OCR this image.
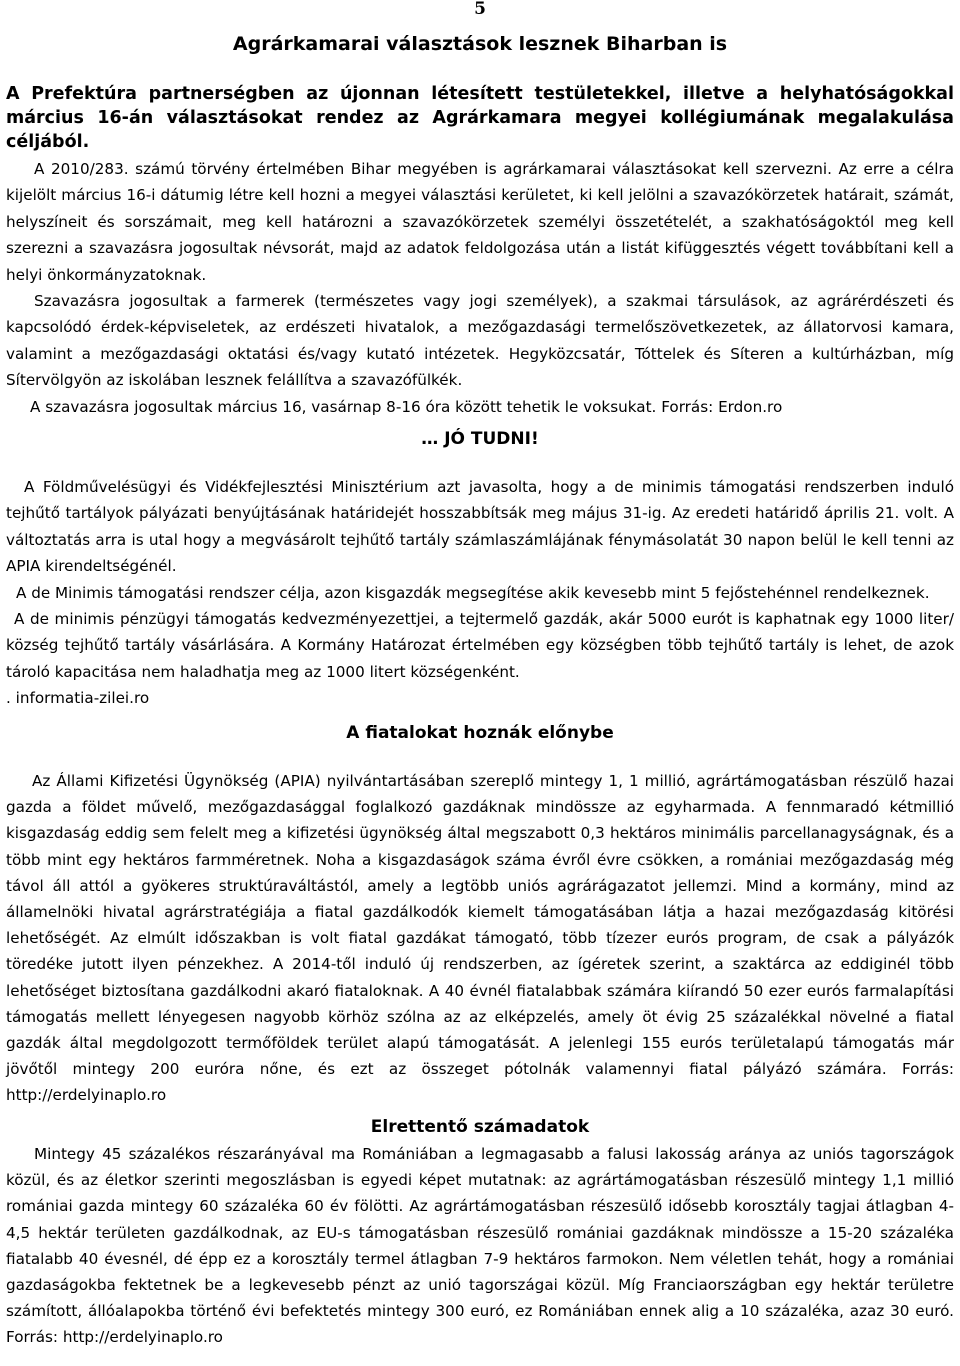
5
Agrárkamarai választások lesznek Biharban is
A Prefektúra partnerségben az újonnan létesített testületekkel, illetve a helyhatóságokkal március 16-án választásokat rendez az Agrárkamara megyei kollégiumának megalakulása céljából.
A 2010/283. számú törvény értelmében Bihar megyében is agrárkamarai választásokat kell szervezni. Az erre a célra kijelölt március 16-i dátumig létre kell hozni a megyei választási kerületet, ki kell jelölni a szavazókörzetek határait, számát, helyszíneit és sorszámait, meg kell határozni a szavazókörzetek személyi összetételét, a szakhatóságoktól meg kell szerezni a szavazásra jogosultak névsorát, majd az adatok feldolgozása után a listát kifüggesztés végett továbbítani kell a helyi önkormányzatoknak.
Szavazásra jogosultak a farmerek (természetes vagy jogi személyek), a szakmai társulások, az agrárérdészeti és kapcsolódó érdek-képviseletek, az erdészeti hivatalok, a mezőgazdasági termelőszövetkezetek, az állatorvosi kamara, valamint a mezőgazdasági oktatási és/vagy kutató intézetek. Hegyközcsatár, Tóttelek és Síteren a kultúrházban, míg Sítervölgyön az iskolában lesznek felállítva a szavazófülkék.
A szavazásra jogosultak március 16, vasárnap 8-16 óra között tehetik le voksukat. Forrás: Erdon.ro
… JÓ TUDNI!
A Földművelésügyi és Vidékfejlesztési Minisztérium azt javasolta, hogy a de minimis támogatási rendszerben induló tejhűtő tartályok pályázati benyújtásának határidejét hosszabbítsák meg május 31-ig. Az eredeti határidő április 21. volt. A változtatás arra is utal hogy a megvásárolt tejhűtő tartály számlaszámlájának fénymásolatát 30 napon belül le kell tenni az APIA kirendeltségénél.
A de Minimis támogatási rendszer célja, azon kisgazdák megsegítése akik kevesebb mint 5 fejőstehénnel rendelkeznek.
A de minimis pénzügyi támogatás kedvezményezettjei, a tejtermelő gazdák, akár 5000 eurót is kaphatnak egy 1000 liter/ község tejhűtő tartály vásárlására. A Kormány Határozat értelmében egy községben több tejhűtő tartály is lehet, de azok tároló kapacitása nem haladhatja meg az 1000 litert községenként.
. informatia-zilei.ro
A fiatalokat hoznák előnybe
Az Állami Kifizetési Ügynökség (APIA) nyilvántartásában szereplő mintegy 1, 1 millió, agrártámogatásban részülő hazai gazda a földet művelő, mezőgazdasággal foglalkozó gazdáknak mindössze az egyharmada. A fennmaradó kétmillió kisgazdaság eddig sem felelt meg a kifizetési ügynökség által megszabott 0,3 hektáros minimális parcellanagyságnak, és a több mint egy hektáros farmméretnek. Noha a kisgazdaságok száma évről évre csökken, a romániai mezőgazdaság még távol áll attól a gyökeres struktúraváltástól, amely a legtöbb uniós agrárágazatot jellemzi. Mind a kormány, mind az államelnöki hivatal agrárstratégiája a fiatal gazdálkodók kiemelt támogatásában látja a hazai mezőgazdaság kitörési lehetőségét. Az elmúlt időszakban is volt fiatal gazdákat támogató, több tízezer eurós program, de csak a pályázók töredéke jutott ilyen pénzekhez. A 2014-től induló új rendszerben, az ígéretek szerint, a szaktárca az eddiginél több lehetőséget biztosítana gazdálkodni akaró fiataloknak. A 40 évnél fiatalabbak számára kiírandó 50 ezer eurós farmalapítási támogatás mellett lényegesen nagyobb körhöz szólna az az elképzelés, amely öt évig 25 százalékkal növelné a fiatal gazdák által megdolgozott termőföldek terület alapú támogatását. A jelenlegi 155 eurós területalapú támogatás már jövőtől mintegy 200 euróra nőne, és ezt az összeget pótolnák valamennyi fiatal pályázó számára. Forrás: http://erdelyinaplo.ro
Elrettentő számadatok
Mintegy 45 százalékos részarányával ma Romániában a legmagasabb a falusi lakosság aránya az uniós tagországok közül, és az életkor szerinti megoszlásban is egyedi képet mutatnak: az agrártámogatásban részesülő mintegy 1,1 millió romániai gazda mintegy 60 százaléka 60 év fölötti. Az agrártámogatásban részesülő idősebb korosztály tagjai átlagban 4-4,5 hektár területen gazdálkodnak, az EU-s támogatásban részesülő romániai gazdáknak mindössze a 15-20 százaléka fiatalabb 40 évesnél, dé épp ez a korosztály termel átlagban 7-9 hektáros farmokon. Nem véletlen tehát, hogy a romániai gazdaságokba fektetnek be a legkevesebb pénzt az unió tagországai közül. Míg Franciaországban egy hektár területre számított, állóalapokba történő évi befektetés mintegy 300 euró, ez Romániában ennek alig a 10 százaléka, azaz 30 euró. Forrás: http://erdelyinaplo.ro
